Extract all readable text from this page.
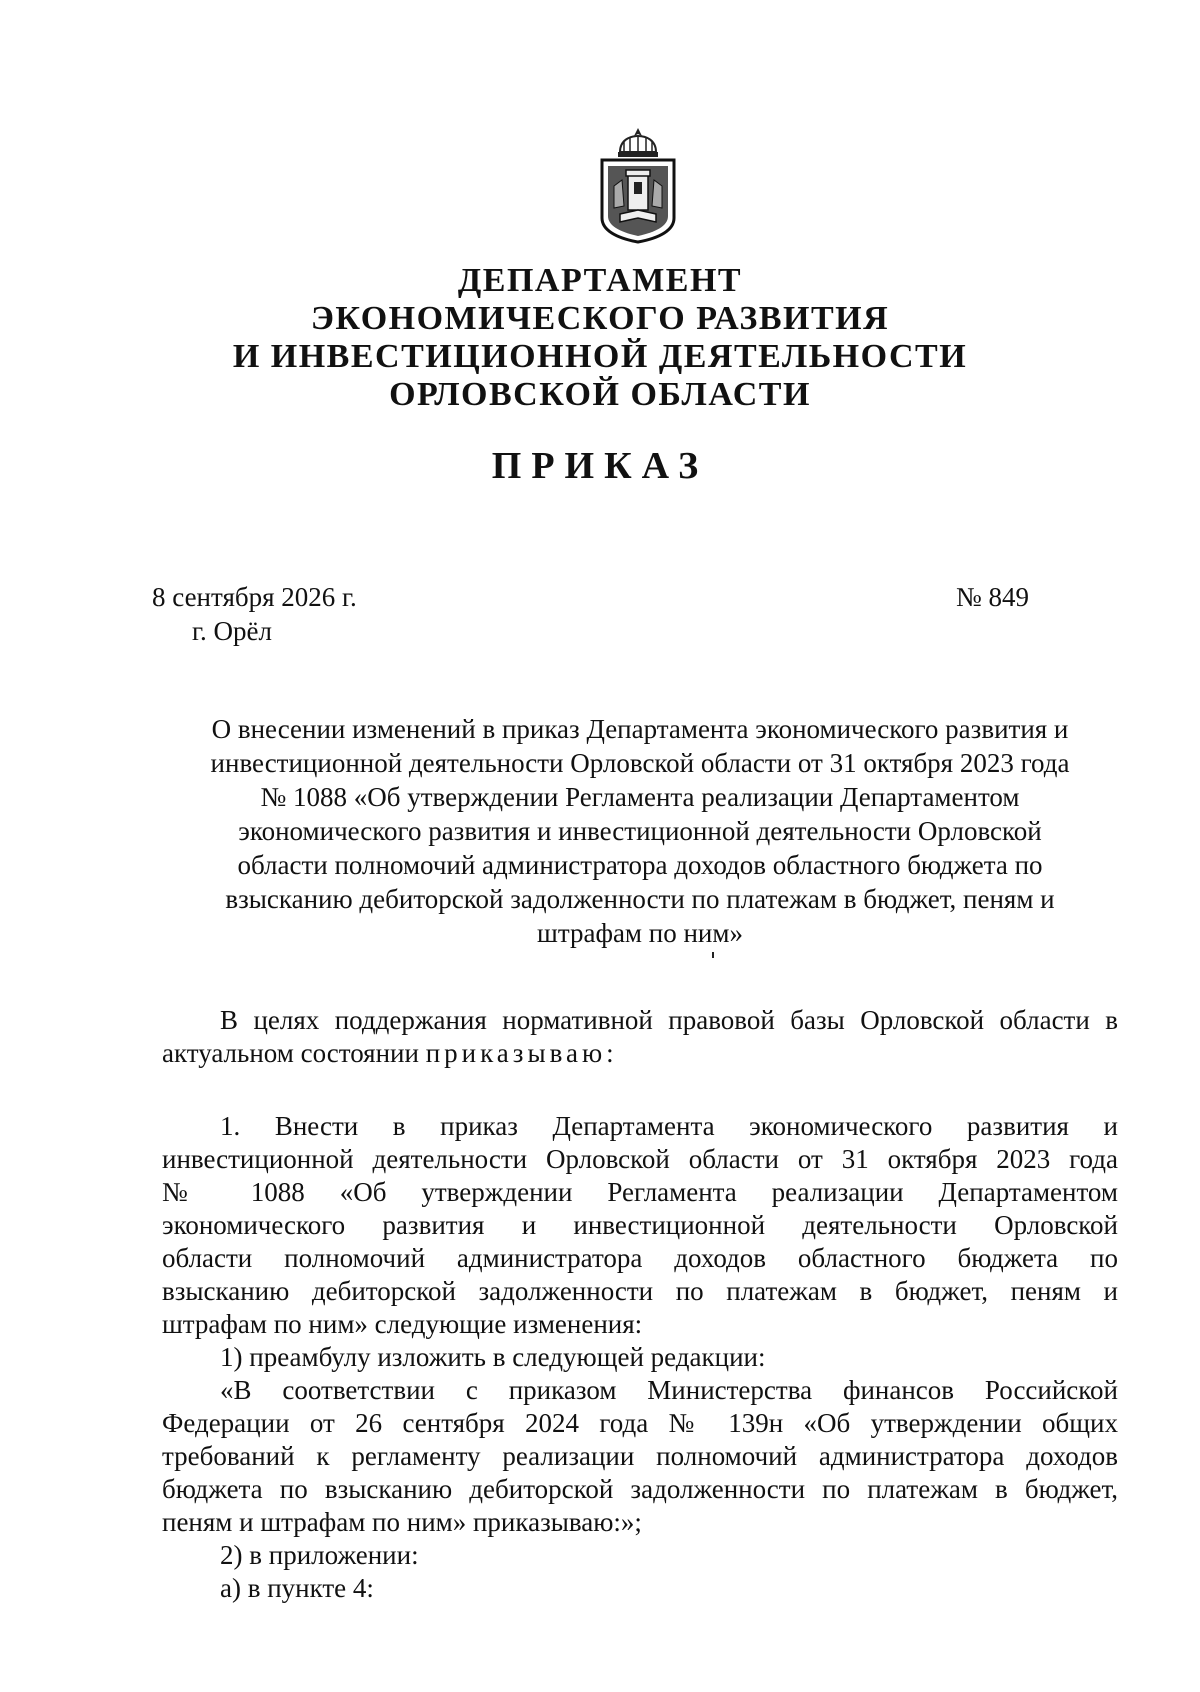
ДЕПАРТАМЕНТ
ЭКОНОМИЧЕСКОГО РАЗВИТИЯ
И ИНВЕСТИЦИОННОЙ ДЕЯТЕЛЬНОСТИ
ОРЛОВСКОЙ ОБЛАСТИ
ПРИКАЗ
8 сентября 2026 г.
г. Орёл
№ 849
О внесении изменений в приказ Департамента экономического развития и
инвестиционной деятельности Орловской области от 31 октября 2023 года
№ 1088 «Об утверждении Регламента реализации Департаментом
экономического развития и инвестиционной деятельности Орловской
области полномочий администратора доходов областного бюджета по
взысканию дебиторской задолженности по платежам в бюджет, пеням и
штрафам по ним»
В целях поддержания нормативной правовой базы Орловской области в
актуальном состоянии приказываю:
1. Внести в приказ Департамента экономического развития и
инвестиционной деятельности Орловской области от 31 октября 2023 года
№ 1088 «Об утверждении Регламента реализации Департаментом
экономического развития и инвестиционной деятельности Орловской
области полномочий администратора доходов областного бюджета по
взысканию дебиторской задолженности по платежам в бюджет, пеням и
штрафам по ним» следующие изменения:
1) преамбулу изложить в следующей редакции:
«В соответствии с приказом Министерства финансов Российской
Федерации от 26 сентября 2024 года № 139н «Об утверждении общих
требований к регламенту реализации полномочий администратора доходов
бюджета по взысканию дебиторской задолженности по платежам в бюджет,
пеням и штрафам по ним» приказываю:»;
2) в приложении:
а) в пункте 4:
